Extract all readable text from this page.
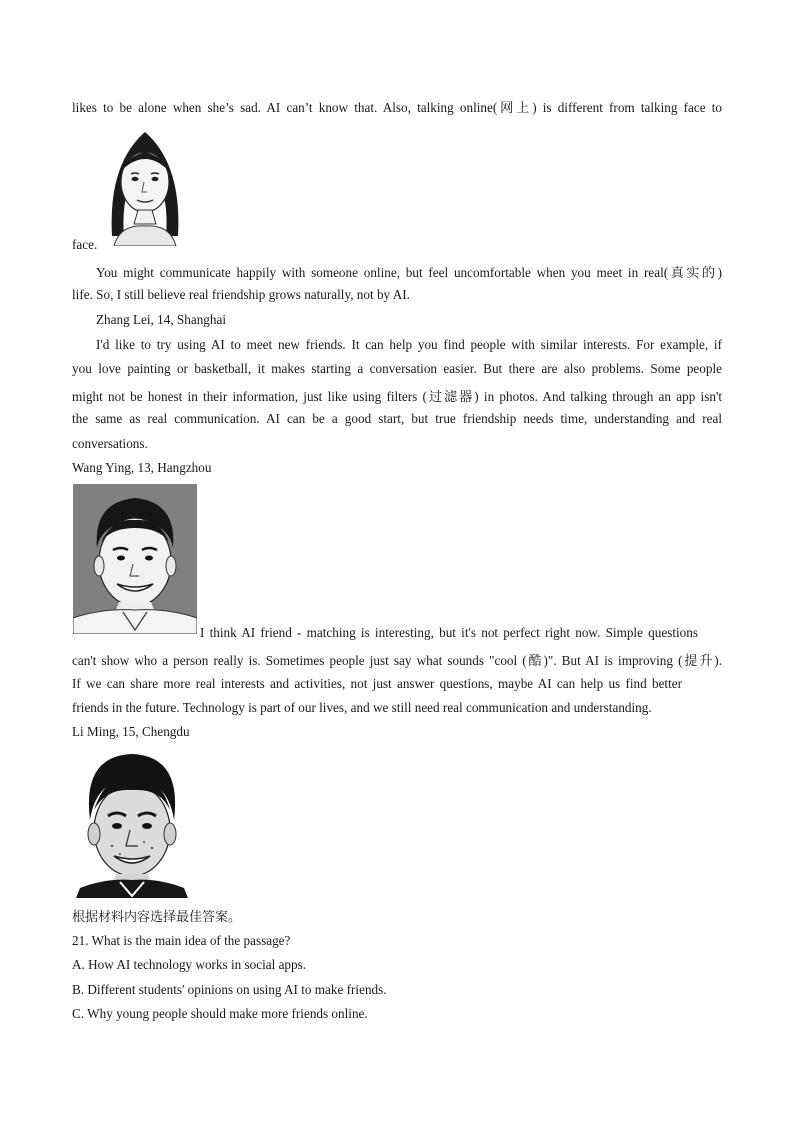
likes to be alone when she’s sad. AI can’t know that. Also, talking online(网上) is different from talking face to
face.
You might communicate happily with someone online, but feel uncomfortable when you meet in real(真实的)
life. So, I still believe real friendship grows naturally, not by AI.
Zhang Lei, 14, Shanghai
I'd like to try using AI to meet new friends. It can help you find people with similar interests. For example, if
you love painting or basketball, it makes starting a conversation easier. But there are also problems. Some people
might not be honest in their information, just like using filters (过滤器) in photos. And talking through an app isn't
the same as real communication. AI can be a good start, but true friendship needs time, understanding and real
conversations.
Wang Ying, 13, Hangzhou
I think AI friend - matching is interesting, but it's not perfect right now. Simple questions
can't show who a person really is. Sometimes people just say what sounds "cool (酷)". But AI is improving (提升).
If we can share more real interests and activities, not just answer questions, maybe AI can help us find better
friends in the future. Technology is part of our lives, and we still need real communication and understanding.
Li Ming, 15, Chengdu
根据材料内容选择最佳答案。
21. What is the main idea of the passage?
A. How AI technology works in social apps.
B. Different students' opinions on using AI to make friends.
C. Why young people should make more friends online.
